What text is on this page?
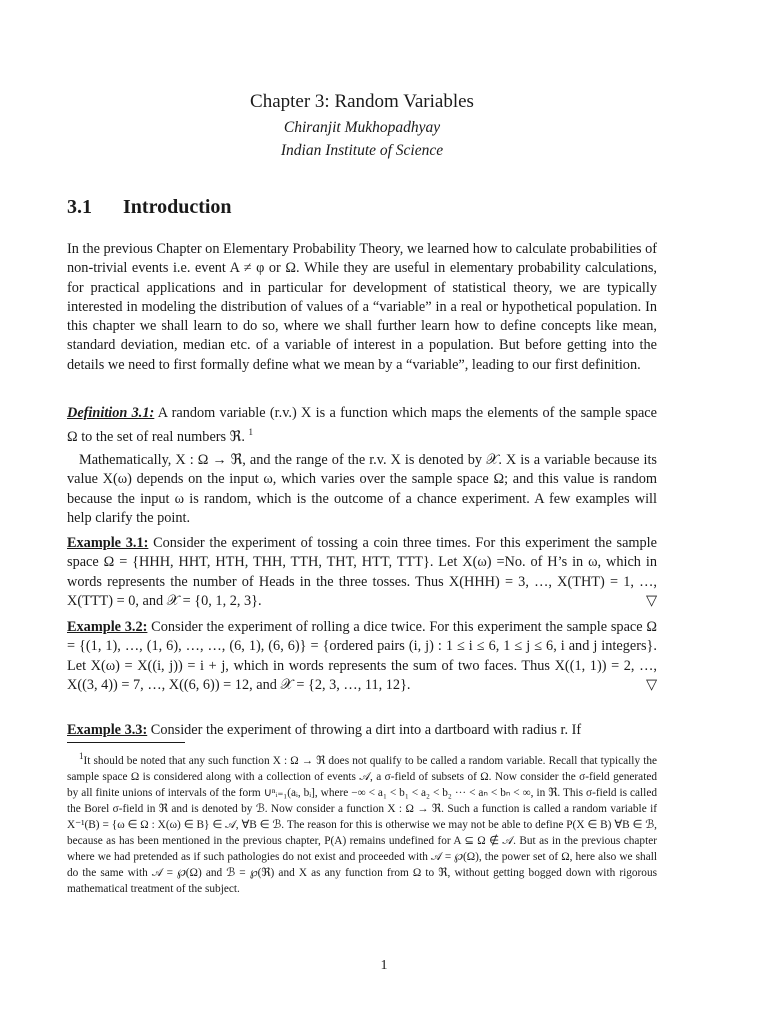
Chapter 3: Random Variables

Chiranjit Mukhopadhyay

Indian Institute of Science

3.1 Introduction

In the previous Chapter on Elementary Probability Theory, we learned how to calculate probabilities of non-trivial events i.e. event A ≠ φ or Ω. While they are useful in elementary probability calculations, for practical applications and in particular for development of statistical theory, we are typically interested in modeling the distribution of values of a “variable” in a real or hypothetical population. In this chapter we shall learn to do so, where we shall further learn how to define concepts like mean, standard deviation, median etc. of a variable of interest in a population. But before getting into the details we need to first formally define what we mean by a “variable”, leading to our first definition.

Definition 3.1: A random variable (r.v.) X is a function which maps the elements of the sample space Ω to the set of real numbers ℜ. $^1$

Mathematically, X : Ω → ℜ, and the range of the r.v. X is denoted by 𝒳. X is a variable because its value X(ω) depends on the input ω, which varies over the sample space Ω; and this value is random because the input ω is random, which is the outcome of a chance experiment. A few examples will help clarify the point.

Example 3.1: Consider the experiment of tossing a coin three times. For this experiment the sample space Ω = {HHH, HHT, HTH, THH, TTH, THT, HTT, TTT}. Let X(ω) =No. of H’s in ω, which in words represents the number of Heads in the three tosses. Thus X(HHH) = 3, …, X(THT) = 1, …, X(TTT) = 0, and 𝒳 = {0, 1, 2, 3}.	▽

Example 3.2: Consider the experiment of rolling a dice twice. For this experiment the sample space Ω = {(1, 1), …, (1, 6), …, …, (6, 1), (6, 6)} = {ordered pairs (i, j) : 1 ≤ i ≤ 6, 1 ≤ j ≤ 6, i and j integers}. Let X(ω) = X((i, j)) = i + j, which in words represents the sum of two faces. Thus X((1, 1)) = 2, …, X((3, 4)) = 7, …, X((6, 6)) = 12, and 𝒳 = {2, 3, …, 11, 12}.	▽

Example 3.3: Consider the experiment of throwing a dirt into a dartboard with radius r. If

$^1$It should be noted that any such function X : Ω → ℜ does not qualify to be called a random variable. Recall that typically the sample space Ω is considered along with a collection of events 𝒜, a σ-field of subsets of Ω. Now consider the σ-field generated by all finite unions of intervals of the form ∪ⁿᵢ₌₁(aᵢ, bᵢ], where −∞ < a₁ < b₁ < a₂ < b₂ ··· < aₙ < bₙ < ∞, in ℜ. This σ-field is called the Borel σ-field in ℜ and is denoted by ℬ. Now consider a function X : Ω → ℜ. Such a function is called a random variable if X⁻¹(B) = {ω ∈ Ω : X(ω) ∈ B} ∈ 𝒜, ∀B ∈ ℬ. The reason for this is otherwise we may not be able to define P(X ∈ B) ∀B ∈ ℬ, because as has been mentioned in the previous chapter, P(A) remains undefined for A ⊆ Ω ∉ 𝒜. But as in the previous chapter where we had pretended as if such pathologies do not exist and proceeded with 𝒜 = ℘(Ω), the power set of Ω, here also we shall do the same with 𝒜 = ℘(Ω) and ℬ = ℘(ℜ) and X as any function from Ω to ℜ, without getting bogged down with rigorous mathematical treatment of the subject.

1
